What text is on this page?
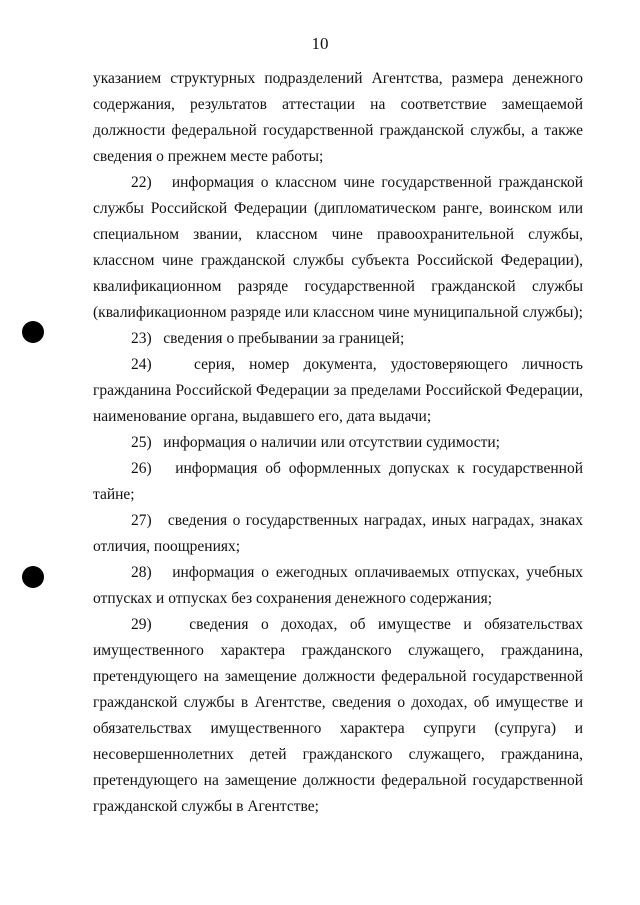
10

указанием структурных подразделений Агентства, размера денежного содержания, результатов аттестации на соответствие замещаемой должности федеральной государственной гражданской службы, а также сведения о прежнем месте работы;

22) информация о классном чине государственной гражданской службы Российской Федерации (дипломатическом ранге, воинском или специальном звании, классном чине правоохранительной службы, классном чине гражданской службы субъекта Российской Федерации), квалификационном разряде государственной гражданской службы (квалификационном разряде или классном чине муниципальной службы);

23) сведения о пребывании за границей;

24)	серия, номер документа, удостоверяющего личность гражданина Российской Федерации за пределами Российской Федерации, наименование органа, выдавшего его, дата выдачи;

25) информация о наличии или отсутствии судимости;

26) информация об оформленных допусках к государственной тайне;

27) сведения о государственных наградах, иных наградах, знаках отличия, поощрениях;

28) информация о ежегодных оплачиваемых отпусках, учебных отпусках и отпусках без сохранения денежного содержания;

29) сведения о доходах, об имуществе и обязательствах имущественного характера гражданского служащего, гражданина, претендующего на замещение должности федеральной государственной гражданской службы в Агентстве, сведения о доходах, об имуществе и обязательствах имущественного характера супруги (супруга) и несовершеннолетних детей гражданского служащего, гражданина, претендующего на замещение должности федеральной государственной гражданской службы в Агентстве;
